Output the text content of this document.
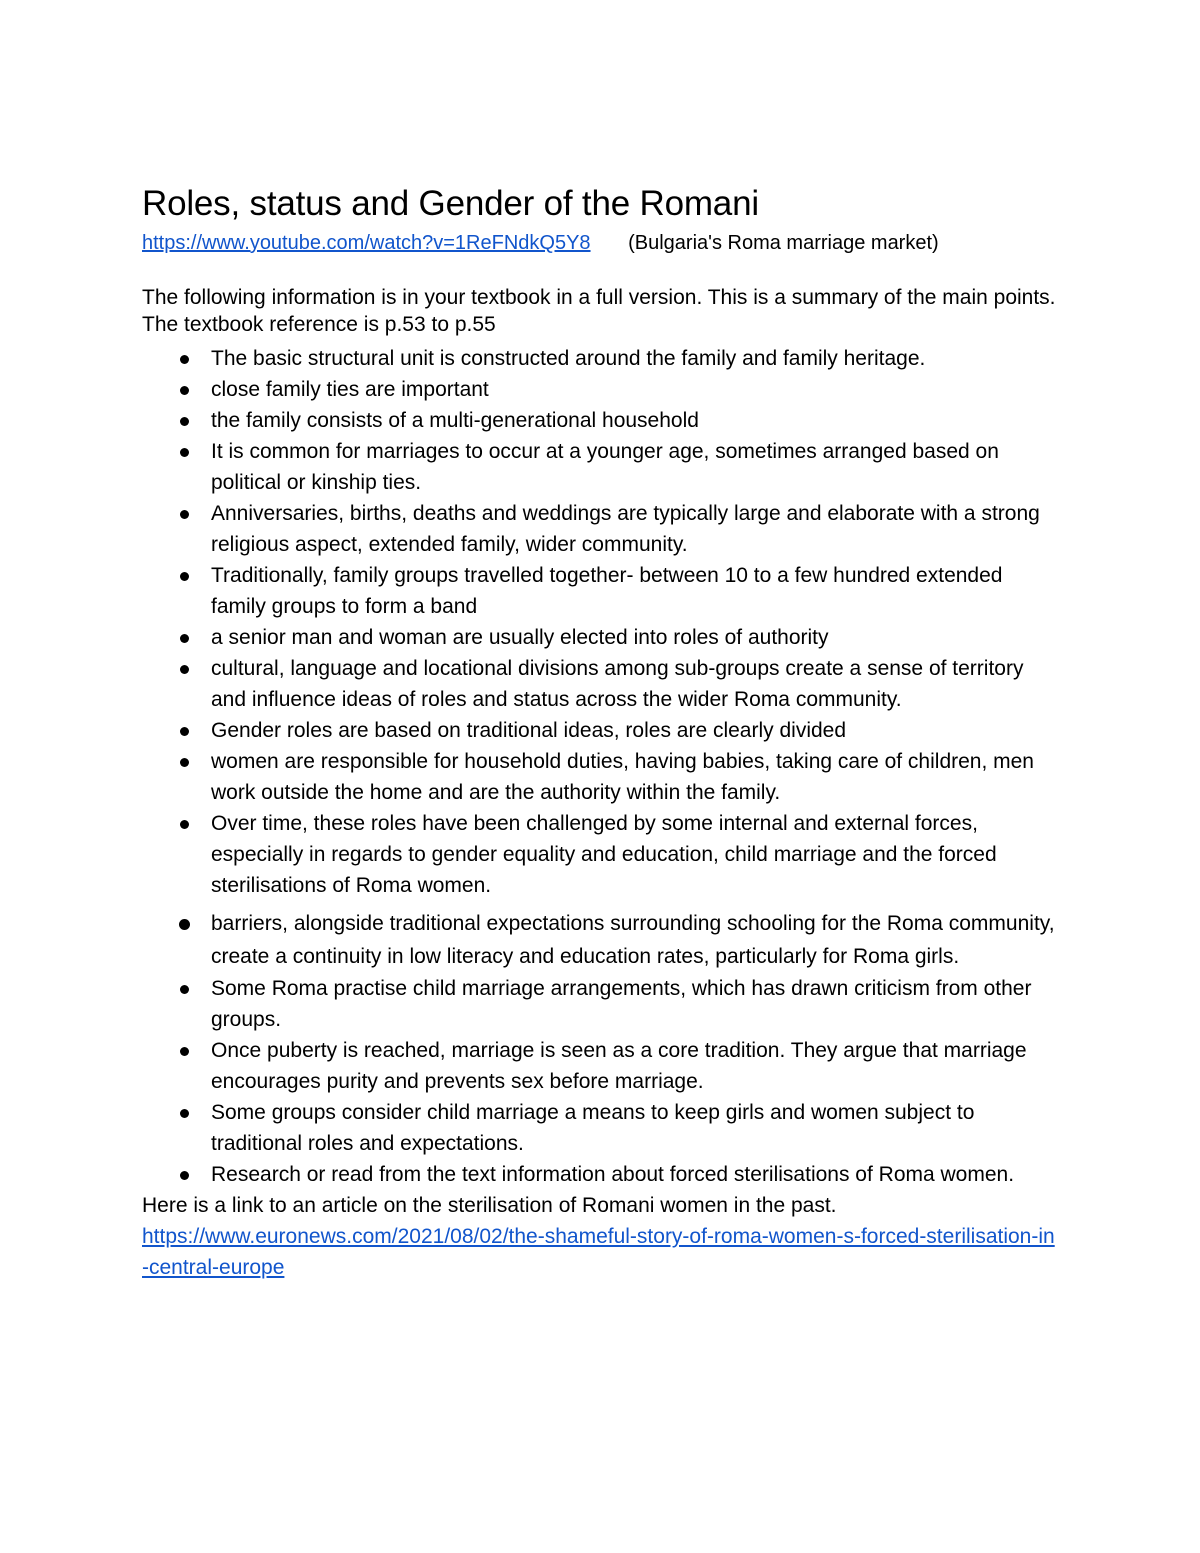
Roles, status and Gender of the Romani
https://www.youtube.com/watch?v=1ReFNdkQ5Y8 (Bulgaria's Roma marriage market)
The following information is in your textbook in a full version. This is a summary of the main points. The textbook reference is p.53 to p.55
The basic structural unit is constructed around the family and family heritage.
close family ties are important
the family consists of a multi-generational household
It is common for marriages to occur at a younger age, sometimes arranged based on political or kinship ties.
Anniversaries, births, deaths and weddings are typically large and elaborate with a strong religious aspect, extended family, wider community.
Traditionally, family groups travelled together- between 10 to a few hundred extended family groups to form a band
a senior man and woman are usually elected into roles of authority
cultural, language and locational divisions among sub-groups create a sense of territory and influence ideas of roles and status across the wider Roma community.
Gender roles are based on traditional ideas, roles are clearly divided
women are responsible for household duties, having babies, taking care of children, men work outside the home and are the authority within the family.
Over time, these roles have been challenged by some internal and external forces, especially in regards to gender equality and education, child marriage and the forced sterilisations of Roma women.
barriers, alongside traditional expectations surrounding schooling for the Roma community, create a continuity in low literacy and education rates, particularly for Roma girls.
Some Roma practise child marriage arrangements, which has drawn criticism from other groups.
Once puberty is reached, marriage is seen as a core tradition. They argue that marriage encourages purity and prevents sex before marriage.
Some groups consider child marriage a means to keep girls and women subject to traditional roles and expectations.
Research or read from the text information about forced sterilisations of Roma women.
Here is a link to an article on the sterilisation of Romani women in the past.
https://www.euronews.com/2021/08/02/the-shameful-story-of-roma-women-s-forced-sterilisation-in-central-europe
